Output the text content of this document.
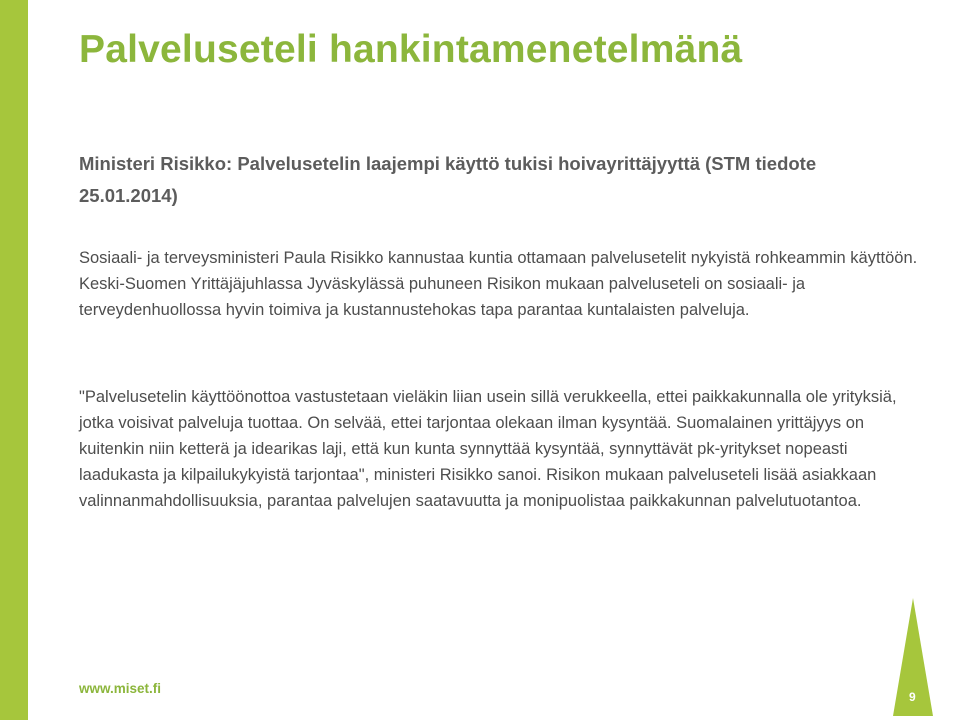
Palveluseteli hankintamenetelmänä

Ministeri Risikko: Palvelusetelin laajempi käyttö tukisi hoivayrittäjyyttä (STM tiedote 25.01.2014)

Sosiaali- ja terveysministeri Paula Risikko kannustaa kuntia ottamaan palvelusetelit nykyistä rohkeammin käyttöön. Keski-Suomen Yrittäjäjuhlassa Jyväskylässä puhuneen Risikon mukaan palveluseteli on sosiaali- ja terveydenhuollossa hyvin toimiva ja kustannustehokas tapa parantaa kuntalaisten palveluja.

"Palvelusetelin käyttöönottoa vastustetaan vieläkin liian usein sillä verukkeella, ettei paikkakunnalla ole yrityksiä, jotka voisivat palveluja tuottaa. On selvää, ettei tarjontaa olekaan ilman kysyntää. Suomalainen yrittäjyys on kuitenkin niin ketterä ja idearikas laji, että kun kunta synnyttää kysyntää, synnyttävät pk-yritykset nopeasti laadukasta ja kilpailukykyistä tarjontaa", ministeri Risikko sanoi. Risikon mukaan palveluseteli lisää asiakkaan valinnanmahdollisuuksia, parantaa palvelujen saatavuutta ja monipuolistaa paikkakunnan palvelutuotantoa.

www.miset.fi
9
